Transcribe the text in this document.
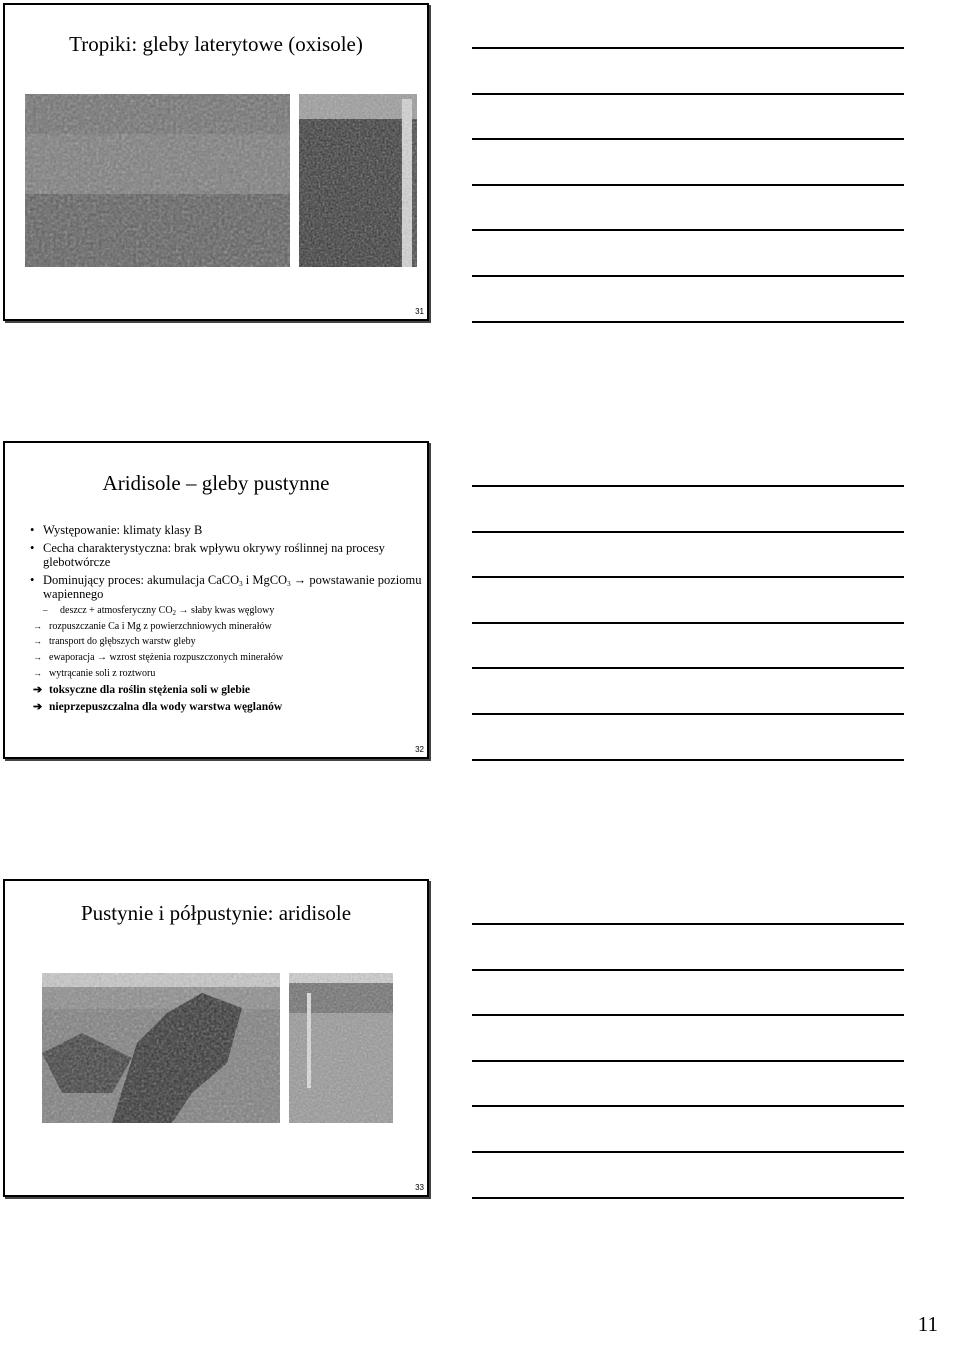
Tropiki: gleby laterytowe (oxisole)
31
Aridisole – gleby pustynne
• Występowanie: klimaty klasy B
• Cecha charakterystyczna: brak wpływu okrywy roślinnej na procesy glebotwórcze
• Dominujący proces: akumulacja CaCO$_3$ i MgCO$_3$ → powstawanie poziomu wapiennego
– deszcz + atmosferyczny $CO_2$ → słaby kwas węglowy
→ rozpuszczanie Ca i Mg z powierzchniowych minerałów
→ transport do głębszych warstw gleby
→ ewaporacja → wzrost stężenia rozpuszczonych minerałów
→ wytrącanie soli z roztworu
➔ toksyczne dla roślin stężenia soli w glebie
➔ nieprzepuszczalna dla wody warstwa węglanów
32
Pustynie i półpustynie: aridisole
33
11
